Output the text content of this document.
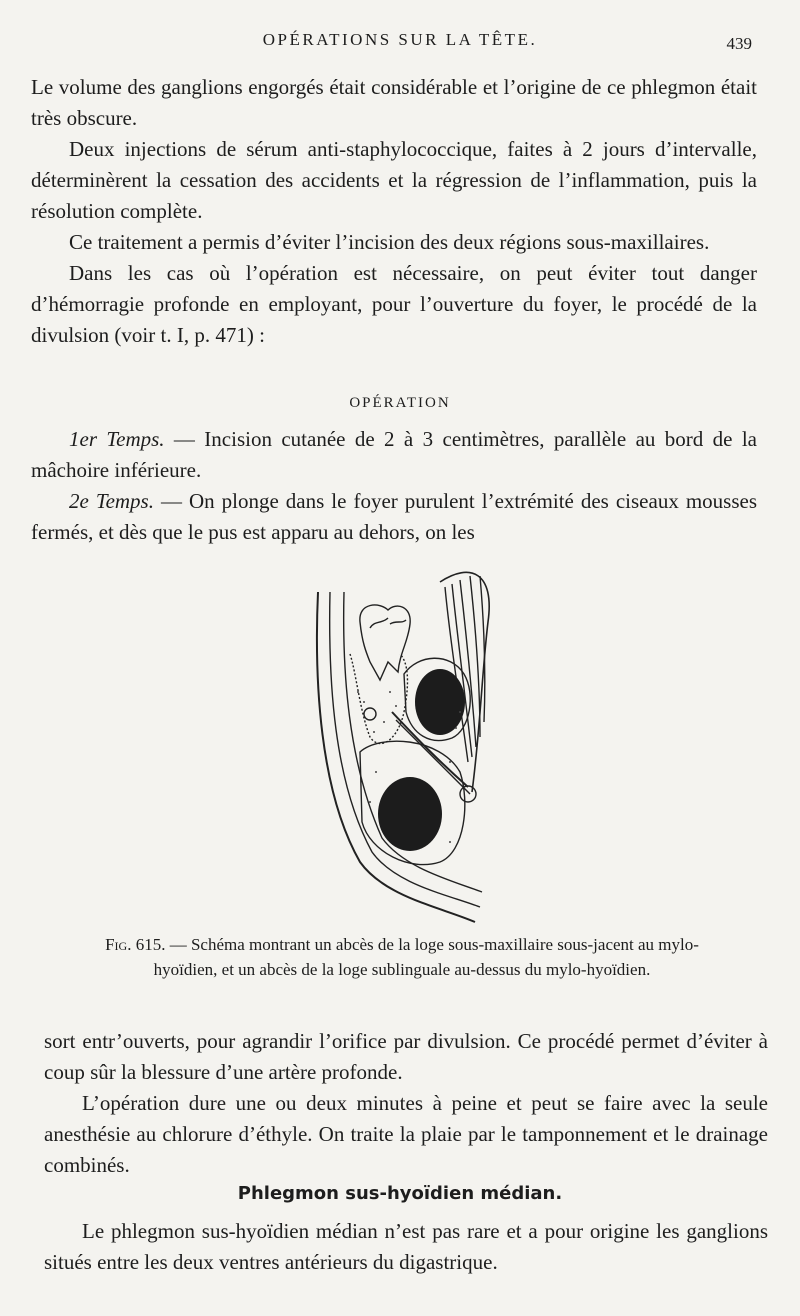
OPÉRATIONS SUR LA TÊTE.	439

Le volume des ganglions engorgés était considérable et l’origine de ce phlegmon était très obscure.

Deux injections de sérum anti-staphylococcique, faites à 2 jours d’intervalle, déterminèrent la cessation des accidents et la régression de l’inflammation, puis la résolution complète.

Ce traitement a permis d’éviter l’incision des deux régions sous-maxillaires.

Dans les cas où l’opération est nécessaire, on peut éviter tout danger d’hémorragie profonde en employant, pour l’ouverture du foyer, le procédé de la divulsion (voir t. I, p. 471) :

OPÉRATION

1er Temps. — Incision cutanée de 2 à 3 centimètres, parallèle au bord de la mâchoire inférieure.

2e Temps. — On plonge dans le foyer purulent l’extrémité des ciseaux mousses fermés, et dès que le pus est apparu au dehors, on les

Fig. 615. — Schéma montrant un abcès de la loge sous-maxillaire sous-jacent au mylo-hyoïdien, et un abcès de la loge sublinguale au-dessus du mylo-hyoïdien.

sort entr’ouverts, pour agrandir l’orifice par divulsion. Ce procédé permet d’éviter à coup sûr la blessure d’une artère profonde.

L’opération dure une ou deux minutes à peine et peut se faire avec la seule anesthésie au chlorure d’éthyle. On traite la plaie par le tamponnement et le drainage combinés.

Phlegmon sus-hyoïdien médian.

Le phlegmon sus-hyoïdien médian n’est pas rare et a pour origine les ganglions situés entre les deux ventres antérieurs du digastrique.
